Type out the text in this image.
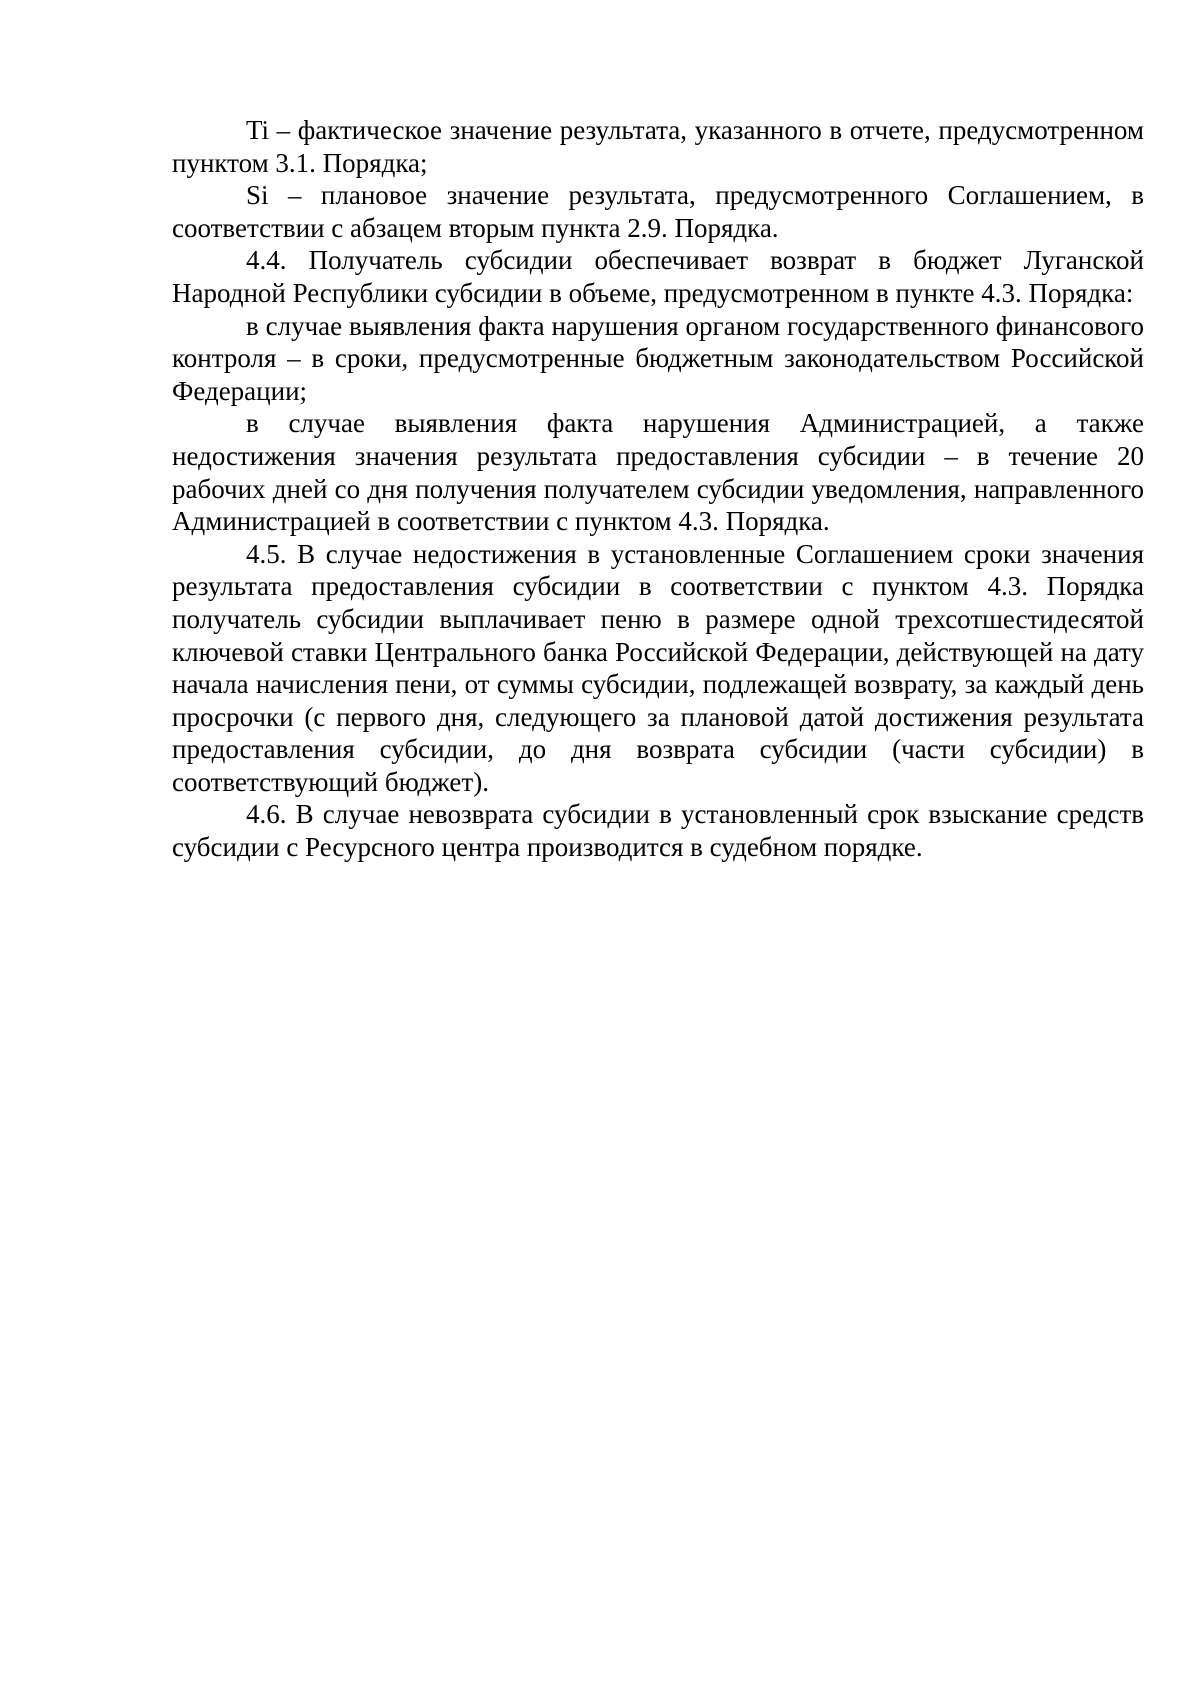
Ti – фактическое значение результата, указанного в отчете, предусмотренном пунктом 3.1. Порядка;

Si – плановое значение результата, предусмотренного Соглашением, в соответствии с абзацем вторым пункта 2.9. Порядка.

4.4. Получатель субсидии обеспечивает возврат в бюджет Луганской Народной Республики субсидии в объеме, предусмотренном в пункте 4.3. Порядка:

в случае выявления факта нарушения органом государственного финансового контроля – в сроки, предусмотренные бюджетным законодательством Российской Федерации;

в случае выявления факта нарушения Администрацией, а также недостижения значения результата предоставления субсидии – в течение 20 рабочих дней со дня получения получателем субсидии уведомления, направленного Администрацией в соответствии с пунктом 4.3. Порядка.

4.5. В случае недостижения в установленные Соглашением сроки значения результата предоставления субсидии в соответствии с пунктом 4.3. Порядка получатель субсидии выплачивает пеню в размере одной трехсотшестидесятой ключевой ставки Центрального банка Российской Федерации, действующей на дату начала начисления пени, от суммы субсидии, подлежащей возврату, за каждый день просрочки (с первого дня, следующего за плановой датой достижения результата предоставления субсидии, до дня возврата субсидии (части субсидии) в соответствующий бюджет).

4.6. В случае невозврата субсидии в установленный срок взыскание средств субсидии с Ресурсного центра производится в судебном порядке.
